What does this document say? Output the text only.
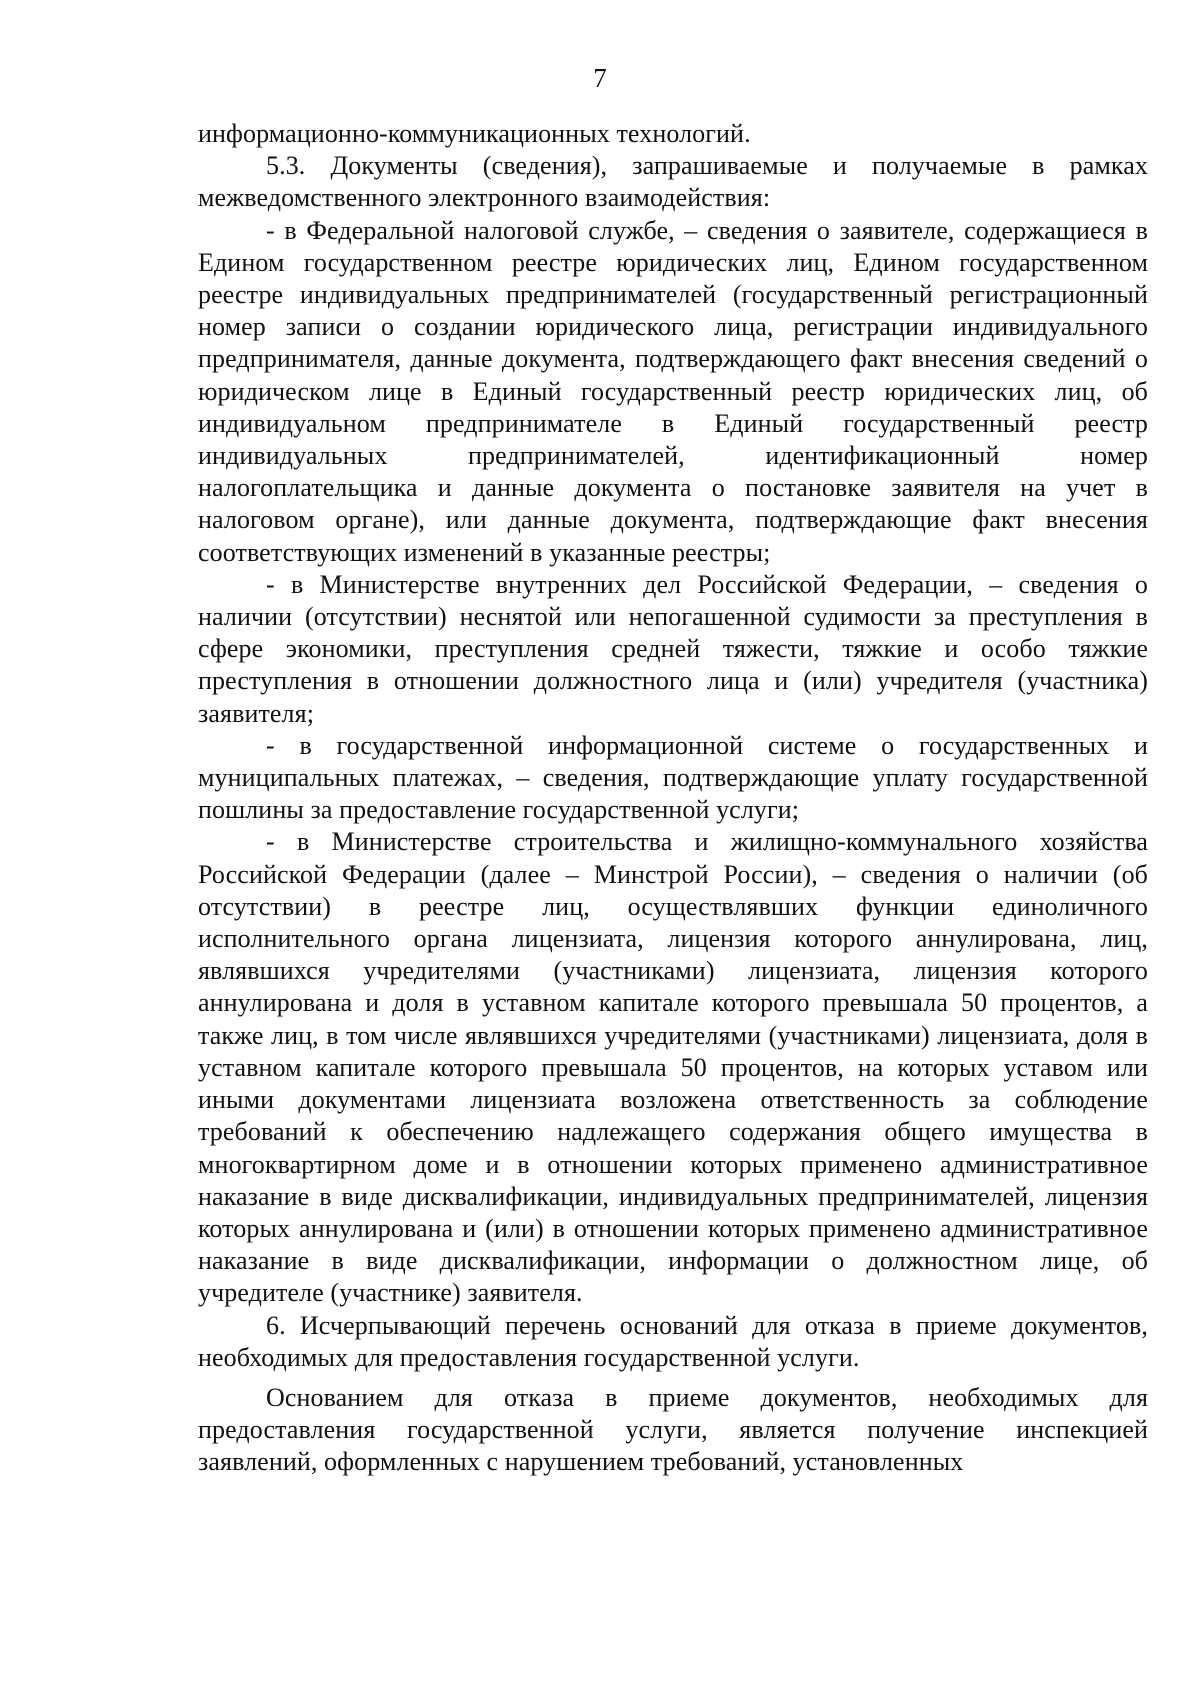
7

информационно-коммуникационных технологий.

5.3. Документы (сведения), запрашиваемые и получаемые в рамках межведомственного электронного взаимодействия:

- в Федеральной налоговой службе, – сведения о заявителе, содержащиеся в Едином государственном реестре юридических лиц, Едином государственном реестре индивидуальных предпринимателей (государственный регистрационный номер записи о создании юридического лица, регистрации индивидуального предпринимателя, данные документа, подтверждающего факт внесения сведений о юридическом лице в Единый государственный реестр юридических лиц, об индивидуальном предпринимателе в Единый государственный реестр индивидуальных предпринимателей, идентификационный номер налогоплательщика и данные документа о постановке заявителя на учет в налоговом органе), или данные документа, подтверждающие факт внесения соответствующих изменений в указанные реестры;

- в Министерстве внутренних дел Российской Федерации, – сведения о наличии (отсутствии) неснятой или непогашенной судимости за преступления в сфере экономики, преступления средней тяжести, тяжкие и особо тяжкие преступления в отношении должностного лица и (или) учредителя (участника) заявителя;

- в государственной информационной системе о государственных и муниципальных платежах, – сведения, подтверждающие уплату государственной пошлины за предоставление государственной услуги;

- в Министерстве строительства и жилищно-коммунального хозяйства Российской Федерации (далее – Минстрой России), – сведения о наличии (об отсутствии) в реестре лиц, осуществлявших функции единоличного исполнительного органа лицензиата, лицензия которого аннулирована, лиц, являвшихся учредителями (участниками) лицензиата, лицензия которого аннулирована и доля в уставном капитале которого превышала 50 процентов, а также лиц, в том числе являвшихся учредителями (участниками) лицензиата, доля в уставном капитале которого превышала 50 процентов, на которых уставом или иными документами лицензиата возложена ответственность за соблюдение требований к обеспечению надлежащего содержания общего имущества в многоквартирном доме и в отношении которых применено административное наказание в виде дисквалификации, индивидуальных предпринимателей, лицензия которых аннулирована и (или) в отношении которых применено административное наказание в виде дисквалификации, информации о должностном лице, об учредителе (участнике) заявителя.

6. Исчерпывающий перечень оснований для отказа в приеме документов, необходимых для предоставления государственной услуги.

Основанием для отказа в приеме документов, необходимых для предоставления государственной услуги, является получение инспекцией заявлений, оформленных с нарушением требований, установленных
